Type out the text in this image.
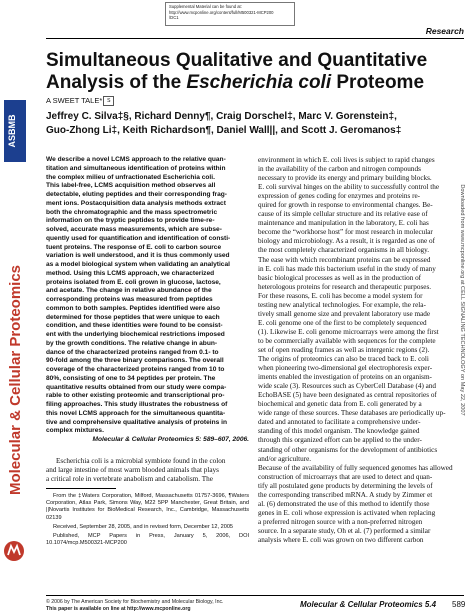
Supplemental Material can be found at:
http://www.mcponline.org/content/full/M500321-MCP200
/DC1
Research
ASBMB
Molecular & Cellular Proteomics	Downloaded from www.mcponline.org at CELL SIGNALING TECHNOLOGY on May 22, 2007
Simultaneous Qualitative and Quantitative
Analysis of the Escherichia coli Proteome
A SWEET TALE* S
Jeffrey C. Silva‡§, Richard Denny¶, Craig Dorschel‡, Marc V. Gorenstein‡,
Guo-Zhong Li‡, Keith Richardson¶, Daniel Wall||, and Scott J. Geromanos‡
We describe a novel LCMS approach to the relative quan-
titation and simultaneous identification of proteins within
the complex milieu of unfractionated Escherichia coli.
This label-free, LCMS acquisition method observes all
detectable, eluting peptides and their corresponding frag-
ment ions. Postacquisition data analysis methods extract
both the chromatographic and the mass spectrometric
information on the tryptic peptides to provide time-re-
solved, accurate mass measurements, which are subse-
quently used for quantification and identification of consti-
tuent proteins. The response of E. coli to carbon source
variation is well understood, and it is thus commonly used
as a model biological system when validating an analytical
method. Using this LCMS approach, we characterized
proteins isolated from E. coli grown in glucose, lactose,
and acetate. The change in relative abundance of the
corresponding proteins was measured from peptides
common to both samples. Peptides identified were also
determined for those peptides that were unique to each
condition, and these identities were found to be consist-
ent with the underlying biochemical restrictions imposed
by the growth conditions. The relative change in abun-
dance of the characterized proteins ranged from 0.1- to
90-fold among the three binary comparisons. The overall
coverage of the characterized proteins ranged from 10 to
80%, consisting of one to 34 peptides per protein. The
quantitative results obtained from our study were compa-
rable to other existing proteomic and transcriptional pro-
filing approaches. This study illustrates the robustness of
this novel LCMS approach for the simultaneous quantita-
tive and comprehensive qualitative analysis of proteins in
complex mixtures.
Molecular & Cellular Proteomics 5: 589–607, 2006.
Escherichia coli is a microbial symbiote found in the colon
and large intestine of most warm blooded animals that plays
a critical role in vertebrate anabolism and catabolism. The

From the ‡Waters Corporation, Milford, Massachusetts 01757-3696, ¶Waters Corporation, Atlas Park, Simons Way, M22 5PP Manchester, Great Britain, and ||Novartis Institutes for BioMedical Research, Inc., Cambridge, Massachusetts 02139

Received, September 28, 2005, and in revised form, December 12, 2005

Published, MCP Papers in Press, January 5, 2006, DOI 10.1074/mcp.M500321-MCP200

environment in which E. coli lives is subject to rapid changes
in the availability of the carbon and nitrogen compounds
necessary to provide its energy and primary building blocks.
E. coli survival hinges on the ability to successfully control the
expression of genes coding for enzymes and proteins re-
quired for growth in response to environmental changes. Be-
cause of its simple cellular structure and its relative ease of
maintenance and manipulation in the laboratory, E. coli has
become the “workhorse host” for most research in molecular
biology and microbiology. As a result, it is regarded as one of
the most completely characterized organisms in all biology.
The ease with which recombinant proteins can be expressed
in E. coli has made this bacterium useful in the study of many
basic biological processes as well as in the production of
heterologous proteins for research and therapeutic purposes.
For these reasons, E. coli has become a model system for
testing new analytical technologies. For example, the rela-
tively small genome size and prevalent laboratory use made
E. coli genome one of the first to be completely sequenced
(1). Likewise E. coli genome microarrays were among the first
to be commercially available with sequences for the complete
set of open reading frames as well as intergenic regions (2).
The origins of proteomics can also be traced back to E. coli
when pioneering two-dimensional gel electrophoresis exper-
iments enabled the investigation of proteins on an organism-
wide scale (3). Resources such as CyberCell Database (4) and
EchoBASE (5) have been designated as central repositories of
biochemical and genetic data from E. coli generated by a
wide range of these sources. These databases are periodically up-
dated and annotated to facilitate a comprehensive under-
standing of this model organism. The knowledge gained
through this organized effort can be applied to the under-
standing of other organisms for the development of antibiotics
and/or agriculture.
Because of the availability of fully sequenced genomes has allowed
construction of microarrays that are used to detect and quan-
tify all postulated gene products by determining the levels of
the corresponding transcribed mRNA. A study by Zimmer et
al. (6) demonstrated the use of this method to identify those
genes in E. coli whose expression is activated when replacing
a preferred nitrogen source with a non-preferred nitrogen
source. In a separate study, Oh et al. (7) performed a similar
analysis where E. coli was grown on two different carbon
© 2006 by The American Society for Biochemistry and Molecular Biology, Inc.
This paper is available on line at http://www.mcponline.org	Molecular & Cellular Proteomics 5.4 589
